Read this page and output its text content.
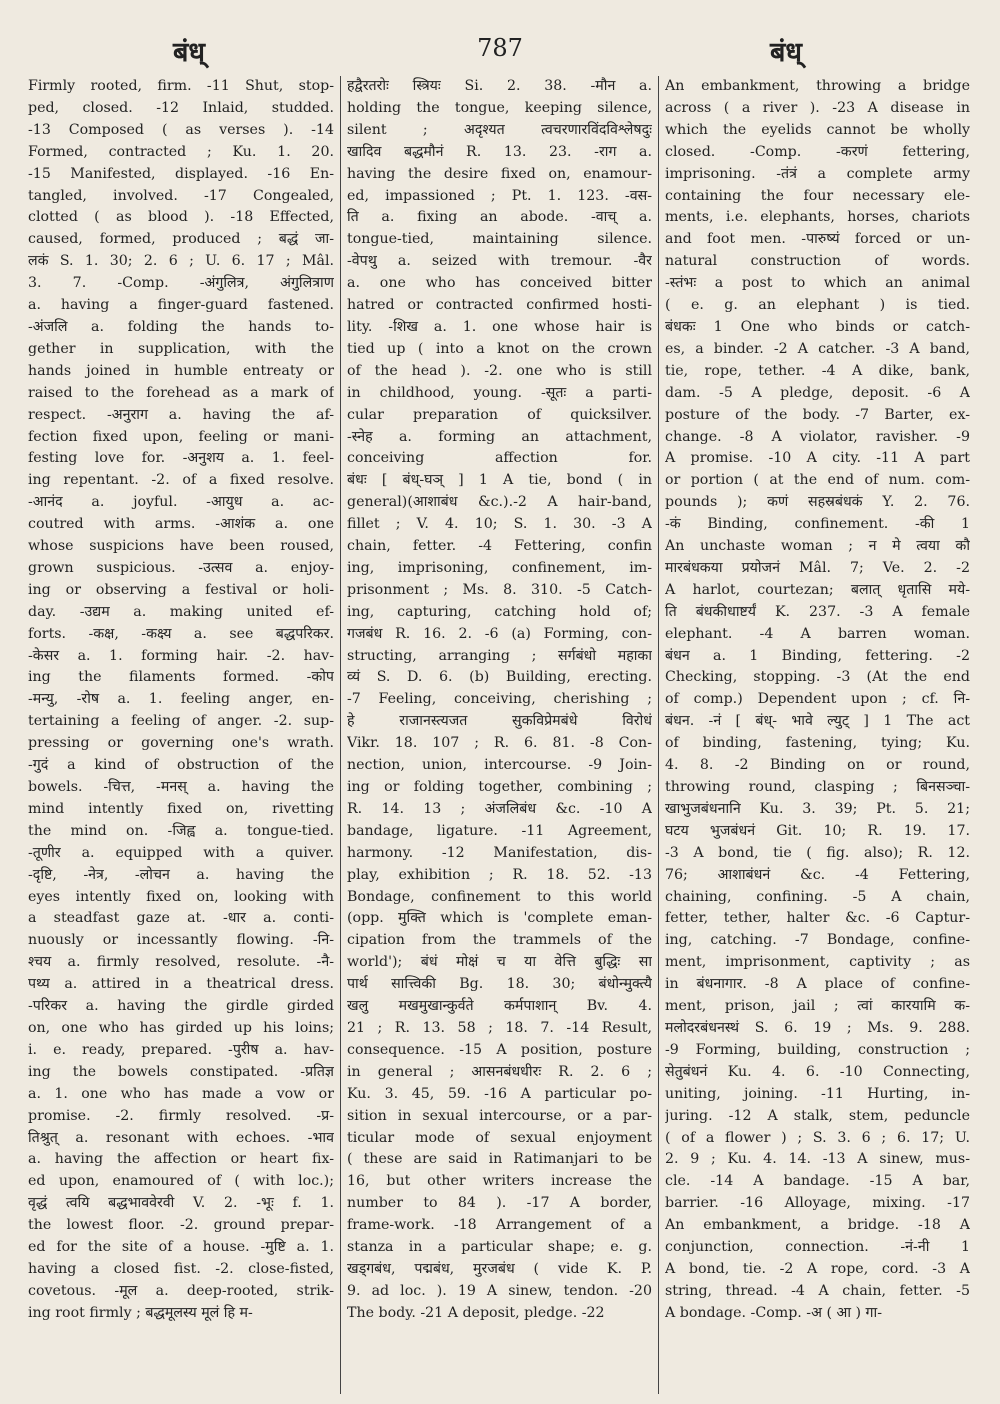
बंध्	787	बंध्

Firmly rooted, firm. -11 Shut, stop-

ped, closed. -12 Inlaid, studded.

-13 Composed ( as verses ). -14

Formed, contracted ; Ku. 1. 20.

-15 Manifested, displayed. -16 En-

tangled, involved. -17 Congealed,

clotted ( as blood ). -18 Effected,

caused, formed, produced ; बद्धं जा-

लकं S. 1. 30; 2. 6 ; U. 6. 17 ; Mâl.

3. 7. -Comp. -अंगुलित्र, अंगुलित्राण

a. having a finger-guard fastened.

-अंजलि a. folding the hands to-

gether in supplication, with the

hands joined in humble entreaty or

raised to the forehead as a mark of

respect. -अनुराग a. having the af-

fection fixed upon, feeling or mani-

festing love for. -अनुशय a. 1. feel-

ing repentant. -2. of a fixed resolve.

-आनंद a. joyful. -आयुध a. ac-

coutred with arms. -आशंक a. one

whose suspicions have been roused,

grown suspicious. -उत्सव a. enjoy-

ing or observing a festival or holi-

day. -उद्यम a. making united ef-

forts. -कक्ष, -कक्ष्य a. see बद्धपरिकर.

-केसर a. 1. forming hair. -2. hav-

ing the filaments formed. -कोप

-मन्यु, -रोष a. 1. feeling anger, en-

tertaining a feeling of anger. -2. sup-

pressing or governing one's wrath.

-गुदं a kind of obstruction of the

bowels. -चित्त, -मनस् a. having the

mind intently fixed on, rivetting

the mind on. -जिह्व a. tongue-tied.

-तूणीर a. equipped with a quiver.

-दृष्टि, -नेत्र, -लोचन a. having the

eyes intently fixed on, looking with

a steadfast gaze at. -धार a. conti-

nuously or incessantly flowing. -नि-

श्चय a. firmly resolved, resolute. -नै-

पथ्य a. attired in a theatrical dress.

-परिकर a. having the girdle girded

on, one who has girded up his loins;

i. e. ready, prepared. -पुरीष a. hav-

ing the bowels constipated. -प्रतिज्ञ

a. 1. one who has made a vow or

promise. -2. firmly resolved. -प्र-

तिश्रुत् a. resonant with echoes. -भाव

a. having the affection or heart fix-

ed upon, enamoured of ( with loc.);

वृद्धं त्वयि बद्धभाववेरवी V. 2. -भूः f. 1.

the lowest floor. -2. ground prepar-

ed for the site of a house. -मुष्टि a. 1.

having a closed fist. -2. close-fisted,

covetous. -मूल a. deep-rooted, strik-

ing root firmly ; बद्धमूलस्य मूलं हि म-

हद्वैरतरोः स्त्रियः Si. 2. 38. -मौन a.

holding the tongue, keeping silence,

silent ; अदृश्यत त्वचरणारविंदविश्लेषदुः

खादिव बद्धमौनं R. 13. 23. -राग a.

having the desire fixed on, enamour-

ed, impassioned ; Pt. 1. 123. -वस-

ति a. fixing an abode. -वाच् a.

tongue-tied, maintaining silence.

-वेपथु a. seized with tremour. -वैर

a. one who has conceived bitter

hatred or contracted confirmed hosti-

lity. -शिख a. 1. one whose hair is

tied up ( into a knot on the crown

of the head ). -2. one who is still

in childhood, young. -सूतः a parti-

cular preparation of quicksilver.

-स्नेह a. forming an attachment,

conceiving affection for.

बंधः [ बंध्-घञ् ] 1 A tie, bond ( in

general)(आशाबंध &c.).-2 A hair-band,

fillet ; V. 4. 10; S. 1. 30. -3 A

chain, fetter. -4 Fettering, confin

ing, imprisoning, confinement, im-

prisonment ; Ms. 8. 310. -5 Catch-

ing, capturing, catching hold of;

गजबंध R. 16. 2. -6 (a) Forming, con-

structing, arranging ; सर्गबंधो महाका

व्यं S. D. 6. (b) Building, erecting.

-7 Feeling, conceiving, cherishing ;

हे राजानस्त्यजत सुकविप्रेमबंधे विरोधं

Vikr. 18. 107 ; R. 6. 81. -8 Con-

nection, union, intercourse. -9 Join-

ing or folding together, combining ;

R. 14. 13 ; अंजलिबंध &c. -10 A

bandage, ligature. -11 Agreement,

harmony. -12 Manifestation, dis-

play, exhibition ; R. 18. 52. -13

Bondage, confinement to this world

(opp. मुक्ति which is 'complete eman-

cipation from the trammels of the

world'); बंधं मोक्षं च या वेत्ति बुद्धिः सा

पार्थ सात्त्विकी Bg. 18. 30; बंधोन्मुक्त्यै

खलु मखमुखान्कुर्वते कर्मपाशान् Bv. 4.

21 ; R. 13. 58 ; 18. 7. -14 Result,

consequence. -15 A position, posture

in general ; आसनबंधधीरः R. 2. 6 ;

Ku. 3. 45, 59. -16 A particular po-

sition in sexual intercourse, or a par-

ticular mode of sexual enjoyment

( these are said in Ratimanjari to be

16, but other writers increase the

number to 84 ). -17 A border,

frame-work. -18 Arrangement of a

stanza in a particular shape; e. g.

खड्गबंध, पद्मबंध, मुरजबंध ( vide K. P.

9. ad loc. ). 19 A sinew, tendon. -20

The body. -21 A deposit, pledge. -22

An embankment, throwing a bridge

across ( a river ). -23 A disease in

which the eyelids cannot be wholly

closed. -Comp. -करणं fettering,

imprisoning. -तंत्रं a complete army

containing the four necessary ele-

ments, i.e. elephants, horses, chariots

and foot men. -पारुष्यं forced or un-

natural construction of words.

-स्तंभः a post to which an animal

( e. g. an elephant ) is tied.

बंधकः 1 One who binds or catch-

es, a binder. -2 A catcher. -3 A band,

tie, rope, tether. -4 A dike, bank,

dam. -5 A pledge, deposit. -6 A

posture of the body. -7 Barter, ex-

change. -8 A violator, ravisher. -9

A promise. -10 A city. -11 A part

or portion ( at the end of num. com-

pounds ); कणं सहस्रबंधकं Y. 2. 76.

-कं Binding, confinement. -की 1

An unchaste woman ; न मे त्वया कौ

मारबंधकया प्रयोजनं Mâl. 7; Ve. 2. -2

A harlot, courtezan; बलात् धृतासि मये-

ति बंधकीधाष्टर्यं K. 237. -3 A female

elephant. -4 A barren woman.

बंधन a. 1 Binding, fettering. -2

Checking, stopping. -3 (At the end

of comp.) Dependent upon ; cf. नि-

बंधन. -नं [ बंध्- भावे ल्युट् ] 1 The act

of binding, fastening, tying; Ku.

4. 8. -2 Binding on or round,

throwing round, clasping ; बिनसञ्चा-

खाभुजबंधनानि Ku. 3. 39; Pt. 5. 21;

घटय भुजबंधनं Git. 10; R. 19. 17.

-3 A bond, tie ( fig. also); R. 12.

76; आशाबंधनं &c. -4 Fettering,

chaining, confining. -5 A chain,

fetter, tether, halter &c. -6 Captur-

ing, catching. -7 Bondage, confine-

ment, imprisonment, captivity ; as

in बंधनागार. -8 A place of confine-

ment, prison, jail ; त्वां कारयामि क-

मलोदरबंधनस्थं S. 6. 19 ; Ms. 9. 288.

-9 Forming, building, construction ;

सेतुबंधनं Ku. 4. 6. -10 Connecting,

uniting, joining. -11 Hurting, in-

juring. -12 A stalk, stem, peduncle

( of a flower ) ; S. 3. 6 ; 6. 17; U.

2. 9 ; Ku. 4. 14. -13 A sinew, mus-

cle. -14 A bandage. -15 A bar,

barrier. -16 Alloyage, mixing. -17

An embankment, a bridge. -18 A

conjunction, connection. -नं-नी 1

A bond, tie. -2 A rope, cord. -3 A

string, thread. -4 A chain, fetter. -5

A bondage. -Comp. -अ ( आ ) गा-
